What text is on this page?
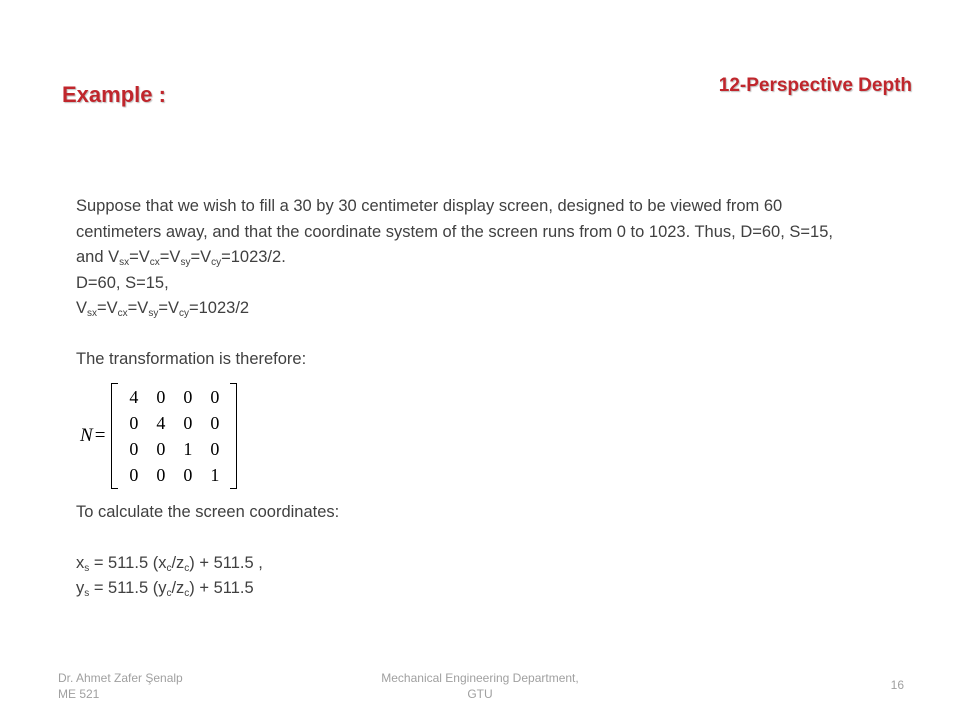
Example :	12-Perspective Depth

Suppose that we wish to fill a 30 by 30 centimeter display screen, designed to be viewed from 60 centimeters away, and that the coordinate system of the screen runs from 0 to 1023. Thus, D=60, S=15, and $V_{sx}=V_{cx}=V_{sy}=V_{cy}=1023/2$.

D=60, S=15,

$V_{sx}=V_{cx}=V_{sy}=V_{cy}=1023/2$

The transformation is therefore:

N =
4	0	0	0
0	4	0	0
0	0	1	0
0	0	0	1

To calculate the screen coordinates:

$x_s = 511.5$ $(x_c/z_c) + 511.5$ ,

$y_s = 511.5$ $(y_c/z_c) + 511.5$

Dr. Ahmet Zafer Şenalp
ME 521
Mechanical Engineering Department,
GTU
16
